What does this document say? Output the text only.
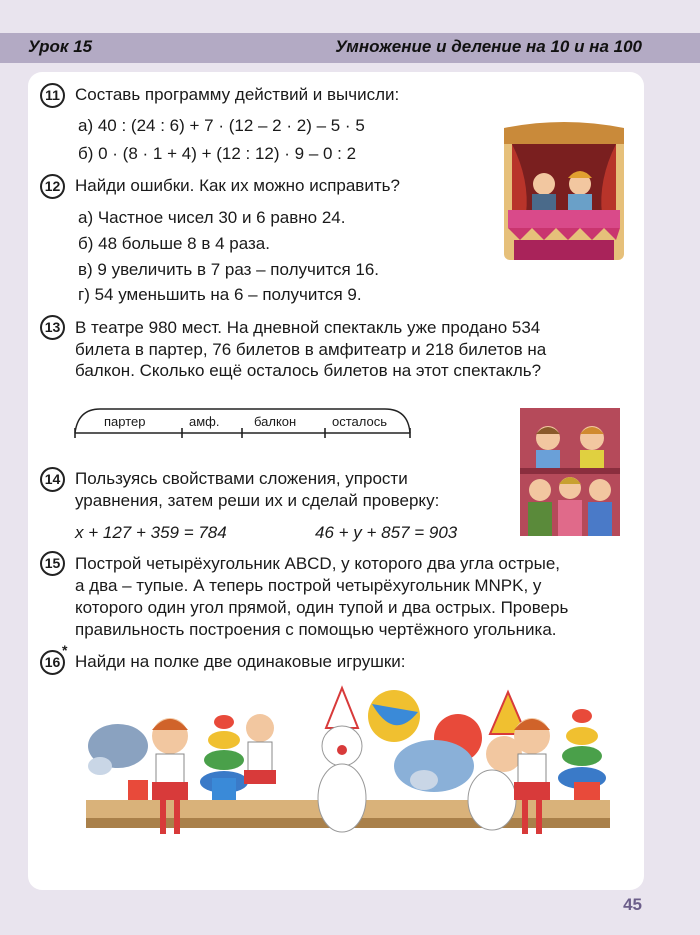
Урок 15	Умножение и деление на 10 и на 100
11 Составь программу действий и вычисли:
а) 40 : (24 : 6) + 7 · (12 – 2 · 2) – 5 · 5
б) 0 · (8 · 1 + 4) + (12 : 12) · 9 – 0 : 2
12 Найди ошибки. Как их можно исправить?
а) Частное чисел 30 и 6 равно 24.
б) 48 больше 8 в 4 раза.
в) 9 увеличить в 7 раз – получится 16.
г) 54 уменьшить на 6 – получится 9.
13 В театре 980 мест. На дневной спектакль уже продано 534
билета в партер, 76 билетов в амфитеатр и 218 билетов на
балкон. Сколько ещё осталось билетов на этот спектакль?
партер	амф.	балкон	осталось
14 Пользуясь свойствами сложения, упрости
уравнения, затем реши их и сделай проверку:
x + 127 + 359 = 784	46 + y + 857 = 903
15 Построй четырёхугольник ABCD, у которого два угла острые,
а два – тупые. А теперь построй четырёхугольник MNPK, у
которого один угол прямой, один тупой и два острых. Проверь
правильность построения с помощью чертёжного угольника.
16
*
Найди на полке две одинаковые игрушки:
45
